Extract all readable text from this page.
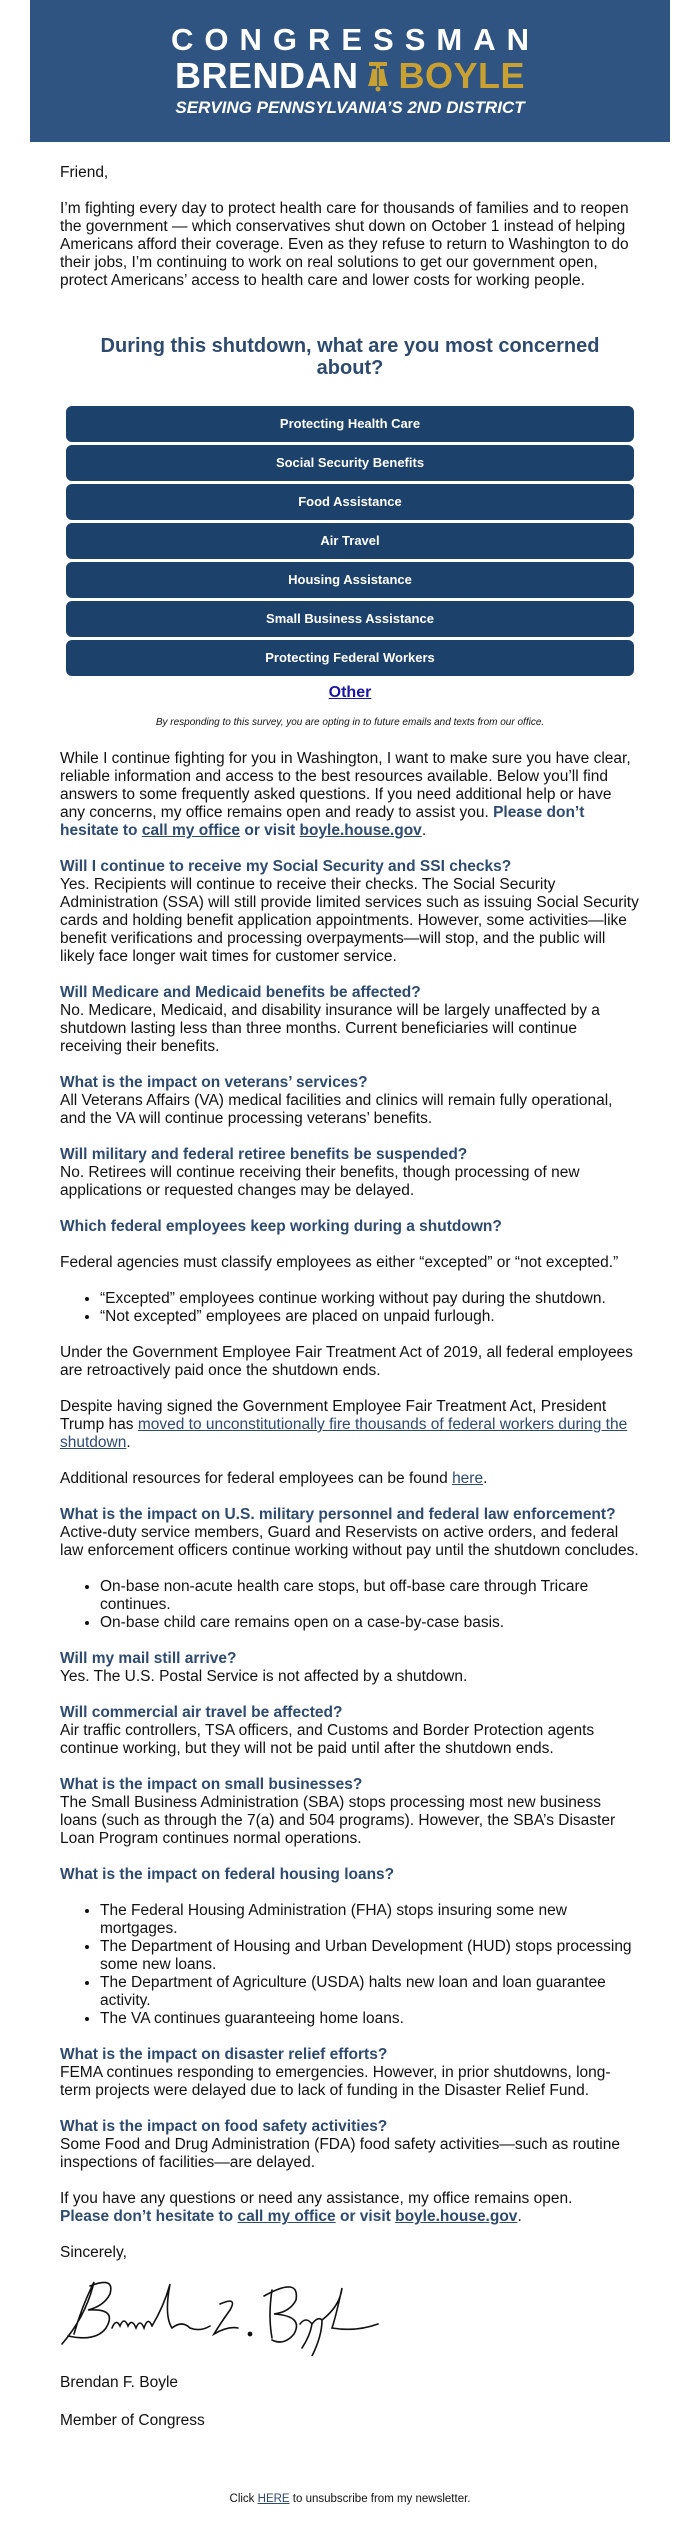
CONGRESSMAN
BRENDAN BOYLE
SERVING PENNSYLVANIA’S 2ND DISTRICT

Friend,

I’m fighting every day to protect health care for thousands of families and to reopen the government — which conservatives shut down on October 1 instead of helping Americans afford their coverage. Even as they refuse to return to Washington to do their jobs, I’m continuing to work on real solutions to get our government open, protect Americans’ access to health care and lower costs for working people.

During this shutdown, what are you most concerned about?
Protecting Health Care
Social Security Benefits
Food Assistance
Air Travel
Housing Assistance
Small Business Assistance
Protecting Federal Workers
Other
By responding to this survey, you are opting in to future emails and texts from our office.

While I continue fighting for you in Washington, I want to make sure you have clear, reliable information and access to the best resources available. Below you’ll find answers to some frequently asked questions. If you need additional help or have any concerns, my office remains open and ready to assist you. Please don’t hesitate to call my office or visit boyle.house.gov.

Will I continue to receive my Social Security and SSI checks?

Yes. Recipients will continue to receive their checks. The Social Security Administration (SSA) will still provide limited services such as issuing Social Security cards and holding benefit application appointments. However, some activities—like benefit verifications and processing overpayments—will stop, and the public will likely face longer wait times for customer service.

Will Medicare and Medicaid benefits be affected?

No. Medicare, Medicaid, and disability insurance will be largely unaffected by a shutdown lasting less than three months. Current beneficiaries will continue receiving their benefits.

What is the impact on veterans’ services?

All Veterans Affairs (VA) medical facilities and clinics will remain fully operational, and the VA will continue processing veterans’ benefits.

Will military and federal retiree benefits be suspended?

No. Retirees will continue receiving their benefits, though processing of new applications or requested changes may be delayed.

Which federal employees keep working during a shutdown?

Federal agencies must classify employees as either “excepted” or “not excepted.”

• “Excepted” employees continue working without pay during the shutdown.
• “Not excepted” employees are placed on unpaid furlough.

Under the Government Employee Fair Treatment Act of 2019, all federal employees are retroactively paid once the shutdown ends.

Despite having signed the Government Employee Fair Treatment Act, President Trump has moved to unconstitutionally fire thousands of federal workers during the shutdown.

Additional resources for federal employees can be found here.

What is the impact on U.S. military personnel and federal law enforcement?

Active-duty service members, Guard and Reservists on active orders, and federal law enforcement officers continue working without pay until the shutdown concludes.

• On-base non-acute health care stops, but off-base care through Tricare continues.
• On-base child care remains open on a case-by-case basis.
Will my mail still arrive?

Yes. The U.S. Postal Service is not affected by a shutdown.

Will commercial air travel be affected?

Air traffic controllers, TSA officers, and Customs and Border Protection agents continue working, but they will not be paid until after the shutdown ends.

What is the impact on small businesses?

The Small Business Administration (SBA) stops processing most new business loans (such as through the 7(a) and 504 programs). However, the SBA’s Disaster Loan Program continues normal operations.

What is the impact on federal housing loans?
• The Federal Housing Administration (FHA) stops insuring some new mortgages.
• The Department of Housing and Urban Development (HUD) stops processing some new loans.
• The Department of Agriculture (USDA) halts new loan and loan guarantee activity.
• The VA continues guaranteeing home loans.
What is the impact on disaster relief efforts?

FEMA continues responding to emergencies. However, in prior shutdowns, long-term projects were delayed due to lack of funding in the Disaster Relief Fund.

What is the impact on food safety activities?

Some Food and Drug Administration (FDA) food safety activities—such as routine inspections of facilities—are delayed.

If you have any questions or need any assistance, my office remains open.
Please don’t hesitate to call my office or visit boyle.house.gov.

Sincerely,

Brendan F. Boyle

Member of Congress

Click HERE to unsubscribe from my newsletter.
